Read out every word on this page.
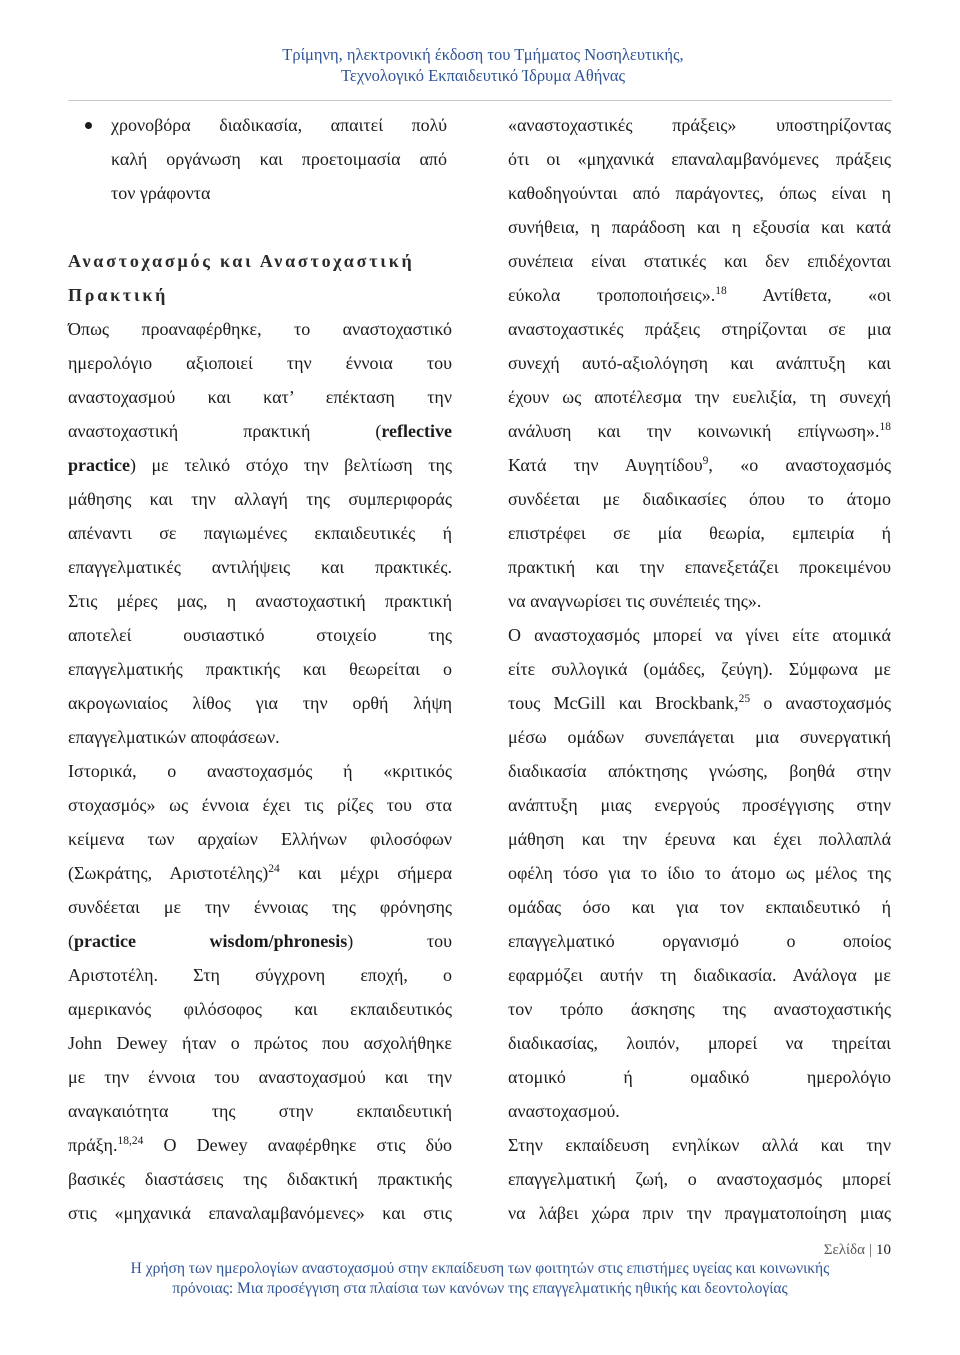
Τρίμηνη, ηλεκτρονική έκδοση του Τμήματος Νοσηλευτικής,
Τεχνολογικό Εκπαιδευτικό Ίδρυμα Αθήνας
χρονοβόρα διαδικασία, απαιτεί πολύ
καλή οργάνωση και προετοιμασία από
τον γράφοντα
Αναστοχασμός και Αναστοχαστική
Πρακτική
Όπως προαναφέρθηκε, το αναστοχαστικό
ημερολόγιο αξιοποιεί την έννοια του
αναστοχασμού και κατ’ επέκταση την
αναστοχαστική πρακτική (reflective
practice) με τελικό στόχο την βελτίωση της
μάθησης και την αλλαγή της συμπεριφοράς
απέναντι σε παγιωμένες εκπαιδευτικές ή
επαγγελματικές αντιλήψεις και πρακτικές.
Στις μέρες μας, η αναστοχαστική πρακτική
αποτελεί ουσιαστικό στοιχείο της
επαγγελματικής πρακτικής και θεωρείται ο
ακρογωνιαίος λίθος για την ορθή λήψη
επαγγελματικών αποφάσεων.
Ιστορικά, ο αναστοχασμός ή «κριτικός
στοχασμός» ως έννοια έχει τις ρίζες του στα
κείμενα των αρχαίων Ελλήνων φιλοσόφων
(Σωκράτης, Αριστοτέλης)$^{24}$ και μέχρι σήμερα
συνδέεται με την έννοιας της φρόνησης
(practice wisdom/phronesis) του
Αριστοτέλη. Στη σύγχρονη εποχή, ο
αμερικανός φιλόσοφος και εκπαιδευτικός
John Dewey ήταν ο πρώτος που ασχολήθηκε
με την έννοια του αναστοχασμού και την
αναγκαιότητα της στην εκπαιδευτική
πράξη.$^{18,24}$ Ο Dewey αναφέρθηκε στις δύο
βασικές διαστάσεις της διδακτική πρακτικής
στις «μηχανικά επαναλαμβανόμενες» και στις
«αναστοχαστικές πράξεις» υποστηρίζοντας
ότι οι «μηχανικά επαναλαμβανόμενες πράξεις
καθοδηγούνται από παράγοντες, όπως είναι η
συνήθεια, η παράδοση και η εξουσία και κατά
συνέπεια είναι στατικές και δεν επιδέχονται
εύκολα τροποποιήσεις».$^{18}$ Αντίθετα, «οι
αναστοχαστικές πράξεις στηρίζονται σε μια
συνεχή αυτό-αξιολόγηση και ανάπτυξη και
έχουν ως αποτέλεσμα την ευελιξία, τη συνεχή
ανάλυση και την κοινωνική επίγνωση».$^{18}$
Κατά την Αυγητίδου$^9$, «ο αναστοχασμός
συνδέεται με διαδικασίες όπου το άτομο
επιστρέφει σε μία θεωρία, εμπειρία ή
πρακτική και την επανεξετάζει προκειμένου
να αναγνωρίσει τις συνέπειές της».
Ο αναστοχασμός μπορεί να γίνει είτε ατομικά
είτε συλλογικά (ομάδες, ζεύγη). Σύμφωνα με
τους McGill και Brockbank,$^{25}$ ο αναστοχασμός
μέσω ομάδων συνεπάγεται μια συνεργατική
διαδικασία απόκτησης γνώσης, βοηθά στην
ανάπτυξη μιας ενεργούς προσέγγισης στην
μάθηση και την έρευνα και έχει πολλαπλά
οφέλη τόσο για το ίδιο το άτομο ως μέλος της
ομάδας όσο και για τον εκπαιδευτικό ή
επαγγελματικό οργανισμό ο οποίος
εφαρμόζει αυτήν τη διαδικασία. Ανάλογα με
τον τρόπο άσκησης της αναστοχαστικής
διαδικασίας, λοιπόν, μπορεί να τηρείται
ατομικό ή ομαδικό ημερολόγιο
αναστοχασμού.
Στην εκπαίδευση ενηλίκων αλλά και την
επαγγελματική ζωή, ο αναστοχασμός μπορεί
να λάβει χώρα πριν την πραγματοποίηση μιας
Σελίδα | 10
Η χρήση των ημερολογίων αναστοχασμού στην εκπαίδευση των φοιτητών στις επιστήμες υγείας και κοινωνικής
πρόνοιας: Μια προσέγγιση στα πλαίσια των κανόνων της επαγγελματικής ηθικής και δεοντολογίας
